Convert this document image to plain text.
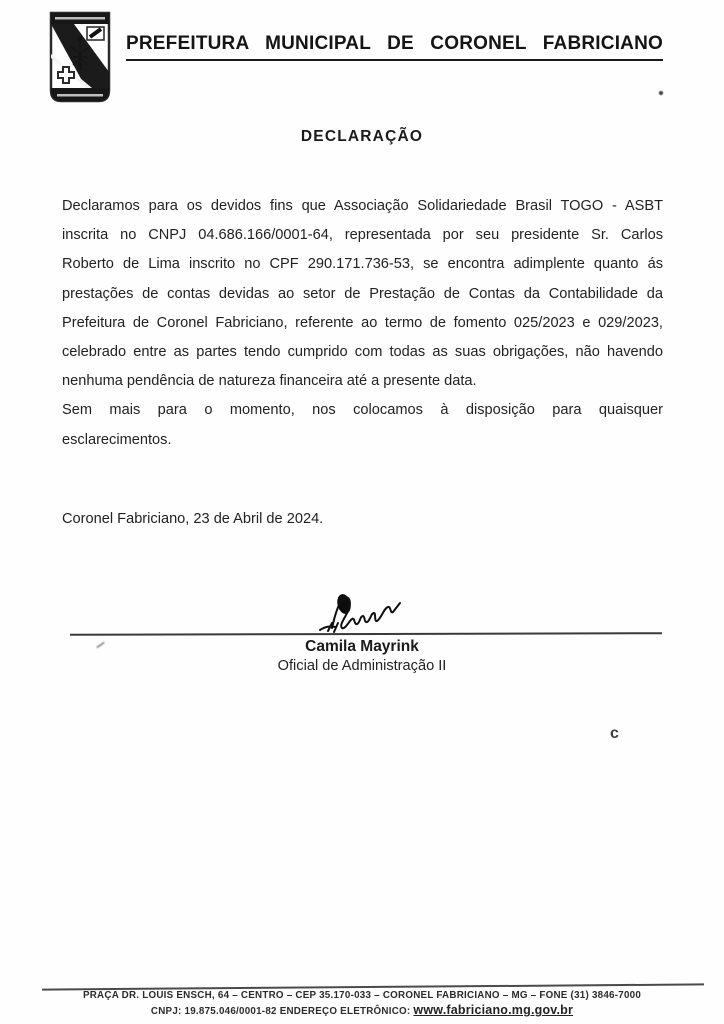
PREFEITURA MUNICIPAL DE CORONEL FABRICIANO
DECLARAÇÃO
Declaramos para os devidos fins que Associação Solidariedade Brasil TOGO - ASBT
inscrita no CNPJ 04.686.166/0001-64, representada por seu presidente Sr. Carlos
Roberto de Lima inscrito no CPF 290.171.736-53, se encontra adimplente quanto ás
prestações de contas devidas ao setor de Prestação de Contas da Contabilidade da
Prefeitura de Coronel Fabriciano, referente ao termo de fomento 025/2023 e 029/2023,
celebrado entre as partes tendo cumprido com todas as suas obrigações, não havendo
nenhuma pendência de natureza financeira até a presente data.
Sem mais para o momento, nos colocamos à disposição para quaisquer
esclarecimentos.
Coronel Fabriciano, 23 de Abril de 2024.
Camila Mayrink
Oficial de Administração II
c
PRAÇA DR. LOUIS ENSCH, 64 – CENTRO – CEP 35.170-033 – CORONEL FABRICIANO – MG – FONE (31) 3846-7000
CNPJ: 19.875.046/0001-82 ENDEREÇO ELETRÔNICO: www.fabriciano.mg.gov.br
